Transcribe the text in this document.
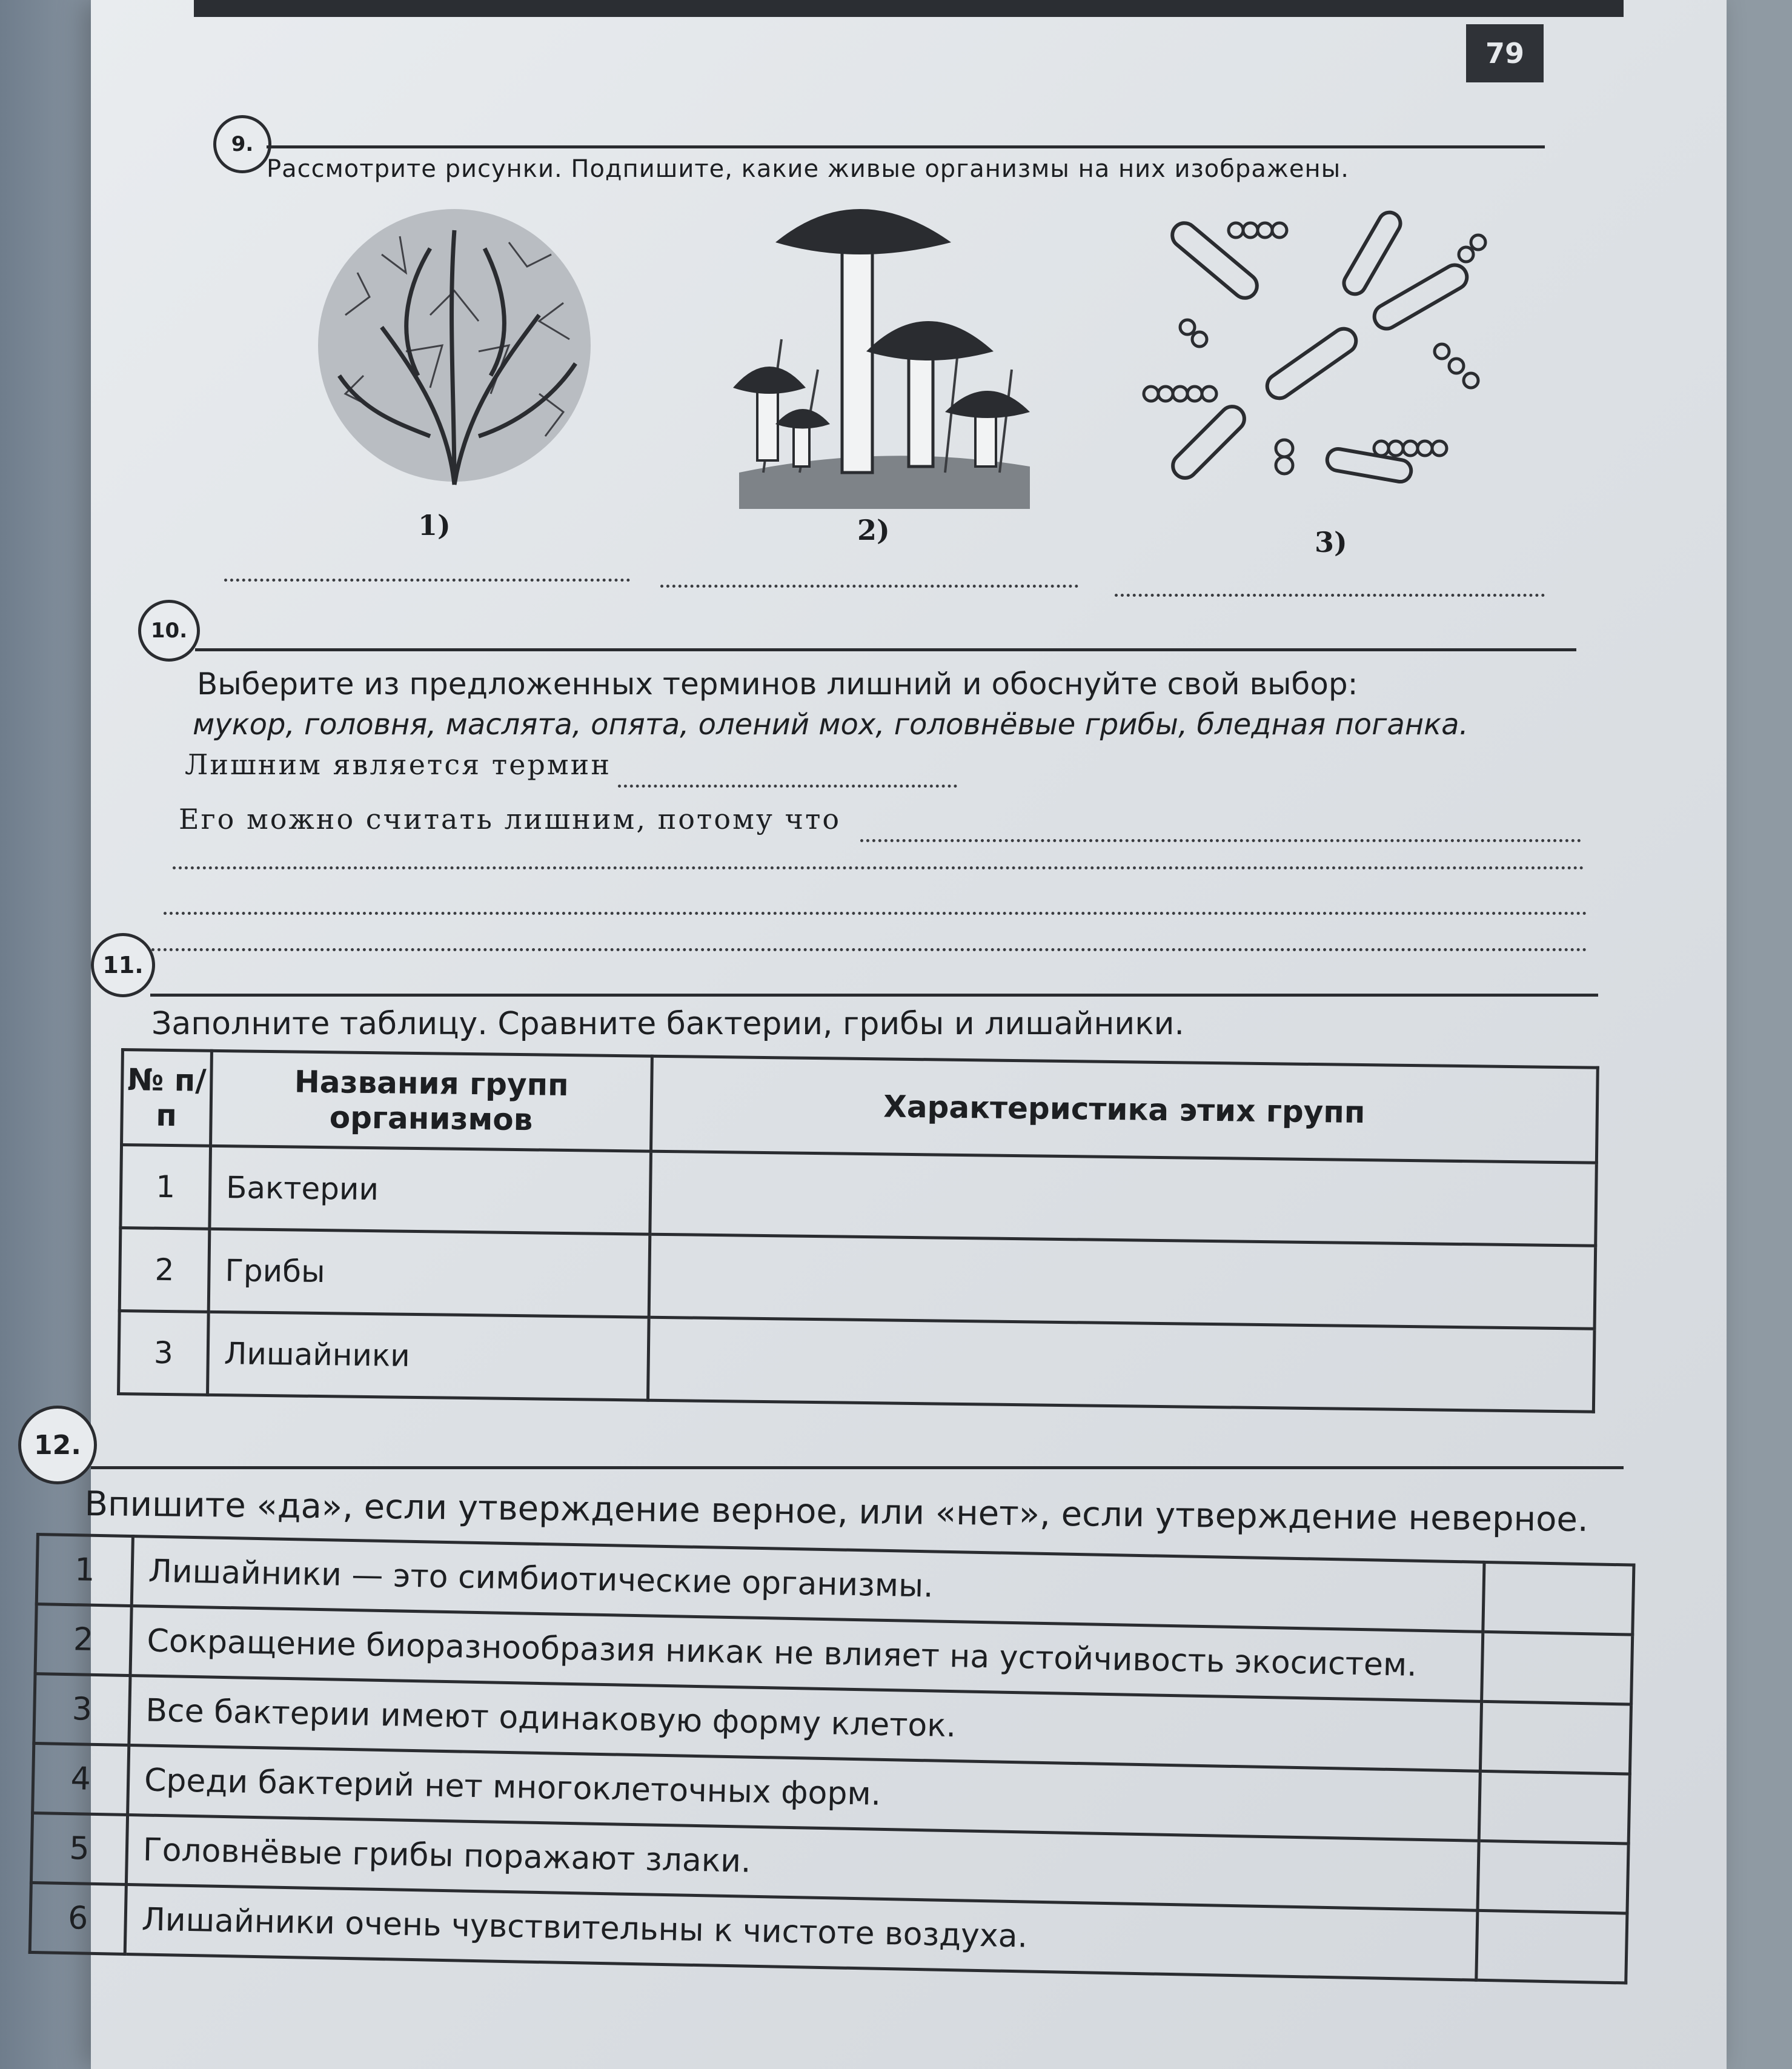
79
9.
Рассмотрите рисунки. Подпишите, какие живые организмы на них изображены.
1)	2)	3)
10.
Выберите из предложенных терминов лишний и обоснуйте свой выбор:
мукор, головня, маслята, опята, олений мох, головнёвые грибы, бледная поганка.
Лишним является термин
Его можно считать лишним, потому что
11.
Заполните таблицу. Сравните бактерии, грибы и лишайники.
№ п/п	Названия групп организмов	Характеристика этих групп
1	Бактерии	
2	Грибы	
3	Лишайники	
12.
Впишите «да», если утверждение верное, или «нет», если утверждение неверное.
1	Лишайники — это симбиотические организмы.	
2	Сокращение биоразнообразия никак не влияет на устойчивость экосистем.	
3	Все бактерии имеют одинаковую форму клеток.	
4	Среди бактерий нет многоклеточных форм.	
5	Головнёвые грибы поражают злаки.	
6	Лишайники очень чувствительны к чистоте воздуха.	
